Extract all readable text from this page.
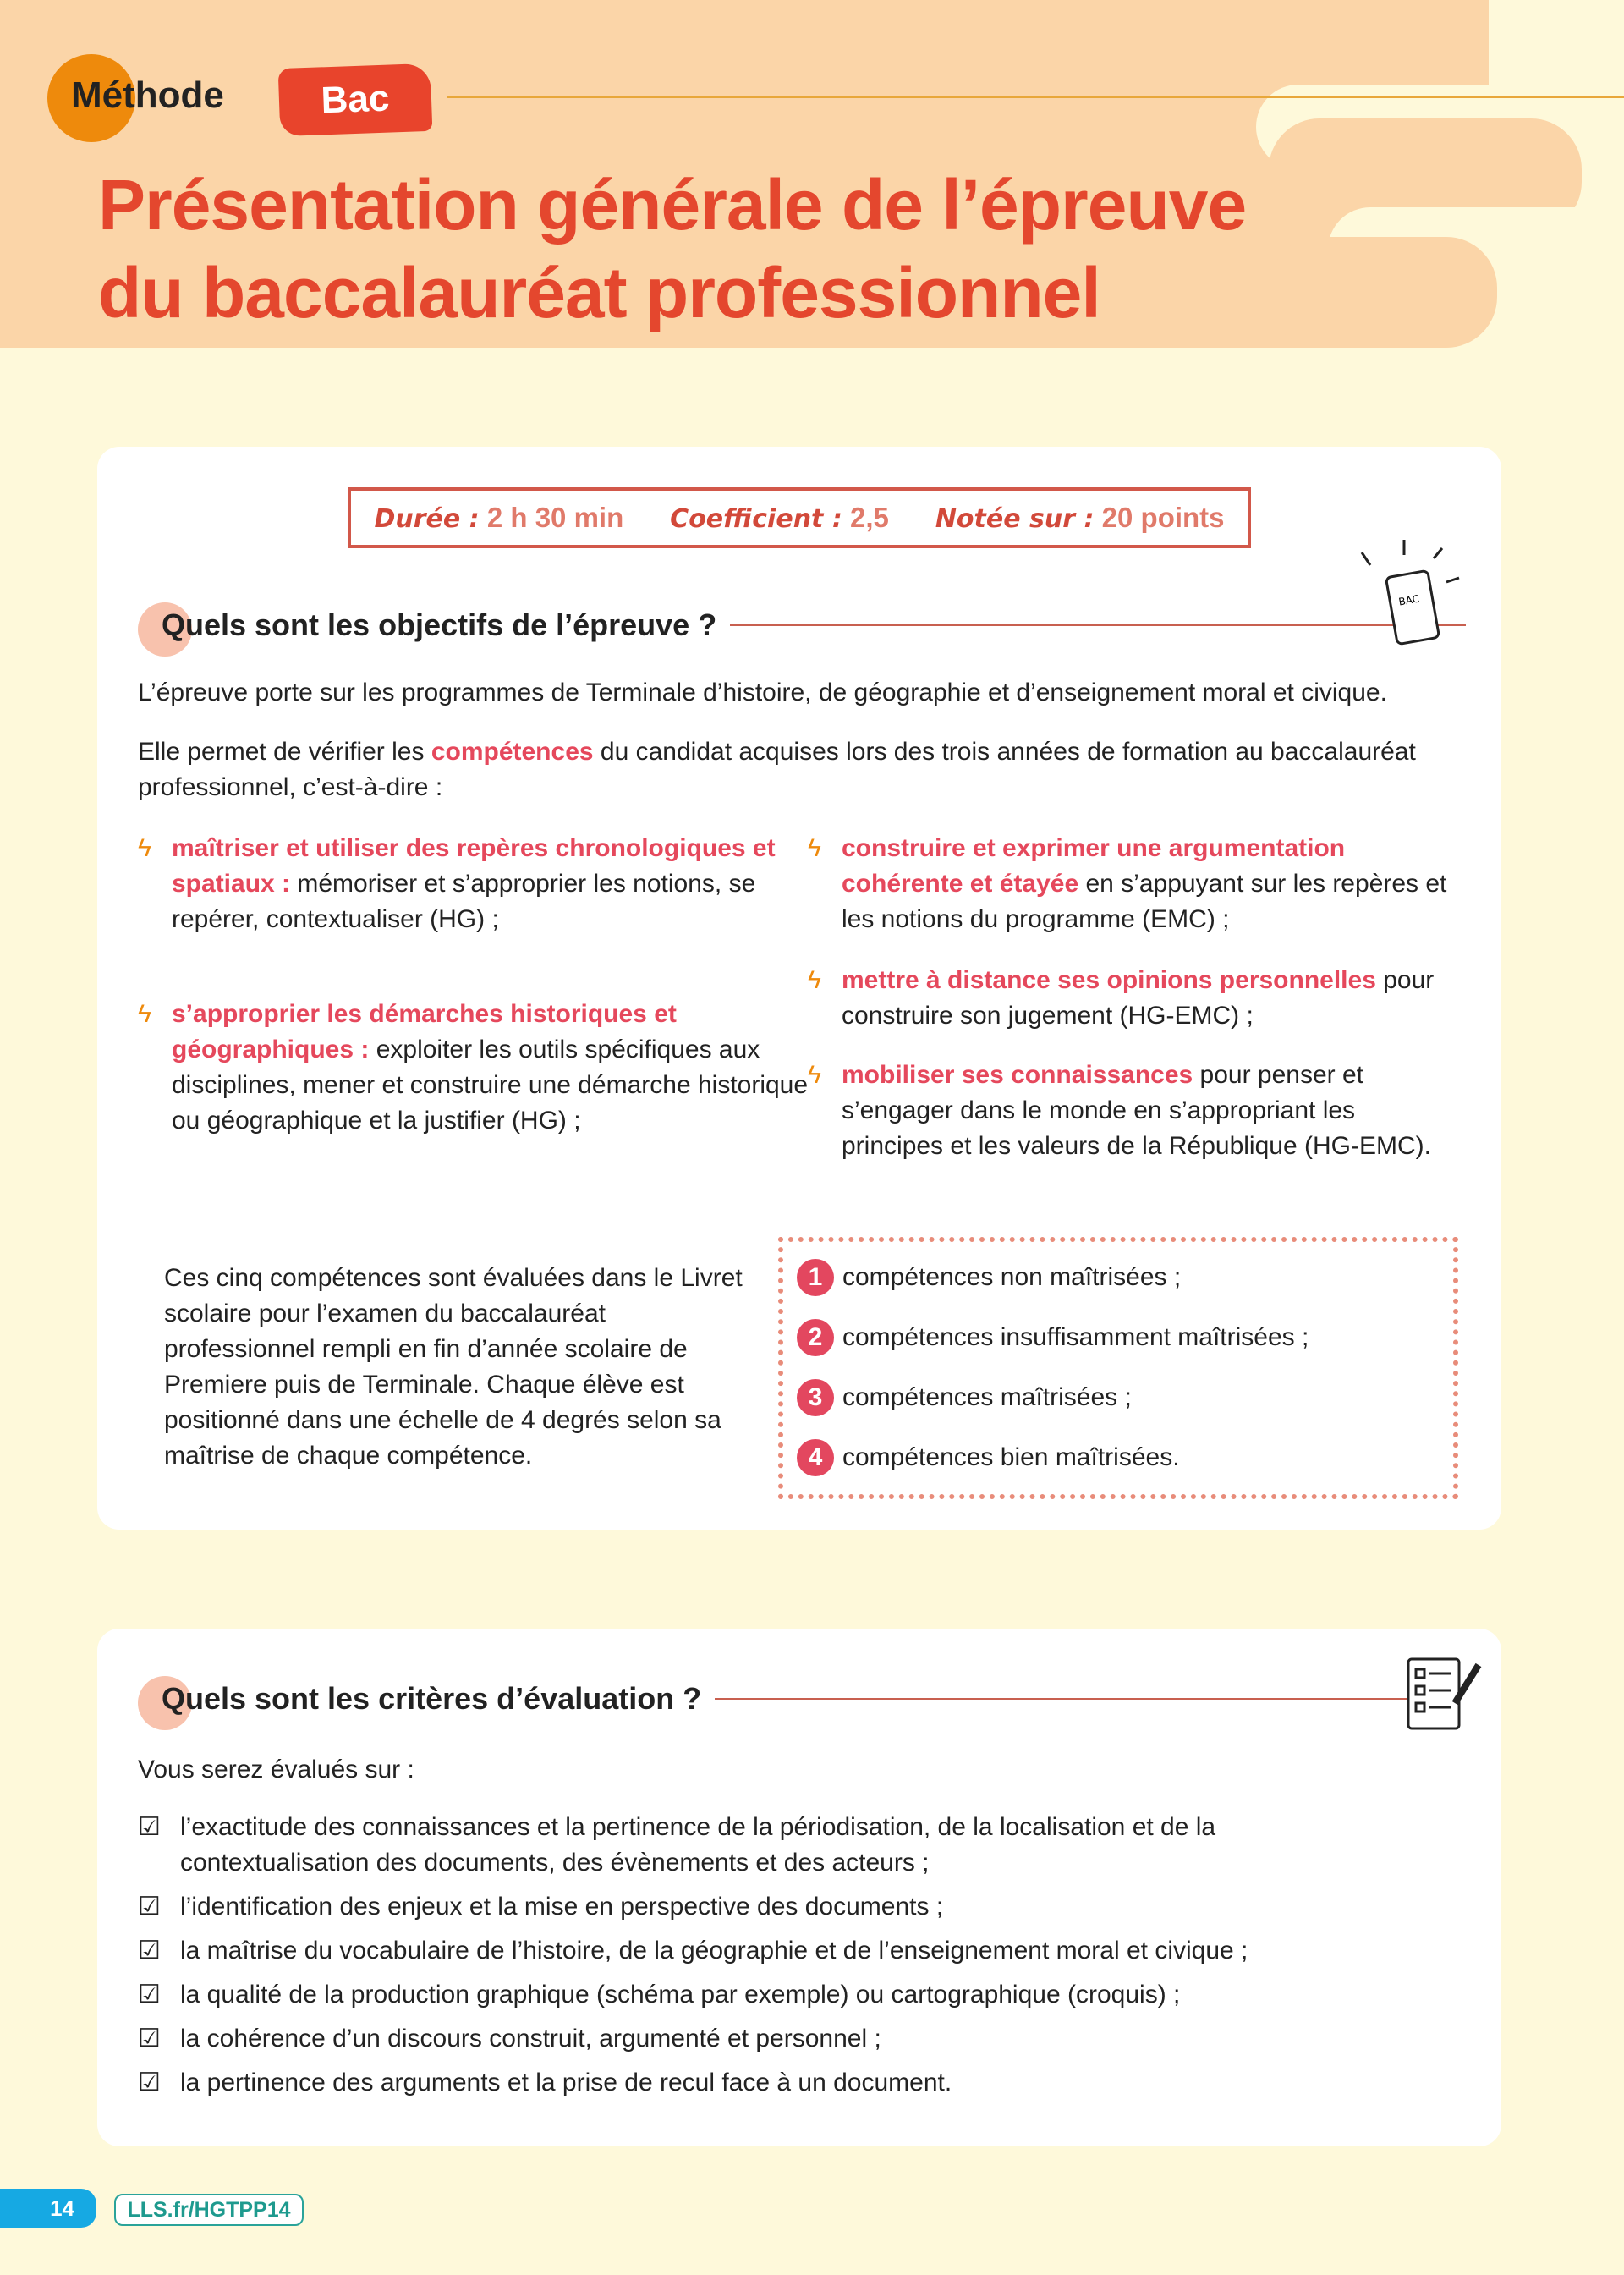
Méthode	Bac
Présentation générale de l’épreuve
du baccalauréat professionnel
Durée : 2 h 30 min Coefficient : 2,5 Notée sur : 20 points
Quels sont les objectifs de l’épreuve ?
BAC
L’épreuve porte sur les programmes de Terminale d’histoire, de géographie et d’enseignement moral et civique.
Elle permet de vérifier les compétences du candidat acquises lors des trois années de formation au baccalauréat professionnel, c’est-à-dire :
ϟ maîtriser et utiliser des repères chronologiques et spatiaux : mémoriser et s’approprier les notions, se repérer, contextualiser (HG) ;
ϟ s’approprier les démarches historiques et géographiques : exploiter les outils spécifiques aux disciplines, mener et construire une démarche historique ou géographique et la justifier (HG) ;
ϟ construire et exprimer une argumentation cohérente et étayée en s’appuyant sur les repères et les notions du programme (EMC) ;
ϟ mettre à distance ses opinions personnelles pour construire son jugement (HG-EMC) ;
ϟ mobiliser ses connaissances pour penser et s’engager dans le monde en s’appropriant les principes et les valeurs de la République (HG-EMC).
Ces cinq compétences sont évaluées dans le Livret scolaire pour l’examen du baccalauréat professionnel rempli en fin d’année scolaire de Premiere puis de Terminale. Chaque élève est positionné dans une échelle de 4 degrés selon sa maîtrise de chaque compétence.
1 compétences non maîtrisées ;
2 compétences insuffisamment maîtrisées ;
3 compétences maîtrisées ;
4 compétences bien maîtrisées.
Quels sont les critères d’évaluation ?
Vous serez évalués sur :
☑ l’exactitude des connaissances et la pertinence de la périodisation, de la localisation et de la contextualisation des documents, des évènements et des acteurs ;
☑ l’identification des enjeux et la mise en perspective des documents ;
☑ la maîtrise du vocabulaire de l’histoire, de la géographie et de l’enseignement moral et civique ;
☑ la qualité de la production graphique (schéma par exemple) ou cartographique (croquis) ;
☑ la cohérence d’un discours construit, argumenté et personnel ;
☑ la pertinence des arguments et la prise de recul face à un document.
14	LLS.fr/HGTPP14
